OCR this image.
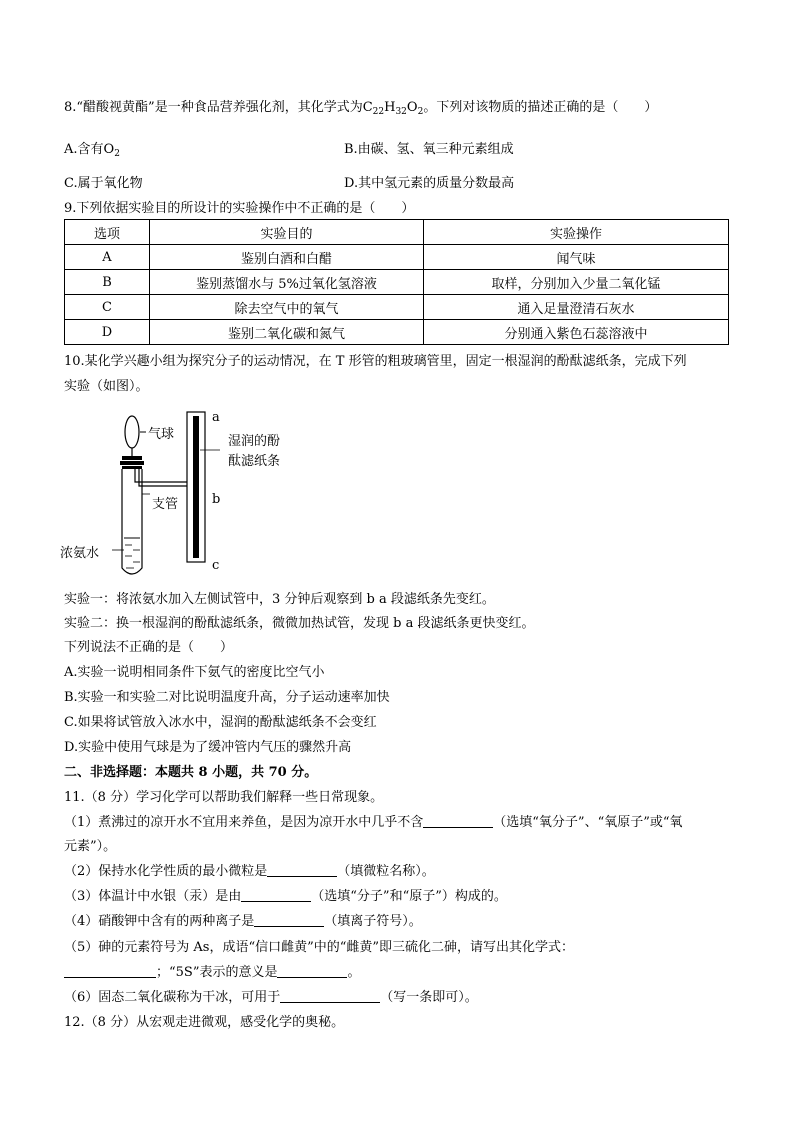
8.“醋酸视黄酯”是一种食品营养强化剂，其化学式为$C_{22}H_{32}O_2$。下列对该物质的描述正确的是（　　）
A.含有$O_2$	B.由碳、氢、氧三种元素组成
C.属于氧化物	D.其中氢元素的质量分数最高
9.下列依据实验目的所设计的实验操作中不正确的是（　　）
选项	实验目的	实验操作
A	鉴别白酒和白醋	闻气味
B	鉴别蒸馏水与 5%过氧化氢溶液	取样，分别加入少量二氧化锰
C	除去空气中的氧气	通入足量澄清石灰水
D	鉴别二氧化碳和氮气	分别通入紫色石蕊溶液中
10.某化学兴趣小组为探究分子的运动情况，在 T 形管的粗玻璃管里，固定一根湿润的酚酞滤纸条，完成下列
实验（如图）。
气球
支管
浓氨水
湿润的酚
酞滤纸条
a
b
c
实验一：将浓氨水加入左侧试管中，3 分钟后观察到 b a 段滤纸条先变红。
实验二：换一根湿润的酚酞滤纸条，微微加热试管，发现 b a 段滤纸条更快变红。
下列说法不正确的是（　　）
A.实验一说明相同条件下氨气的密度比空气小
B.实验一和实验二对比说明温度升高，分子运动速率加快
C.如果将试管放入冰水中，湿润的酚酞滤纸条不会变红
D.实验中使用气球是为了缓冲管内气压的骤然升高
二、非选择题：本题共 8 小题，共 70 分。
11.（8 分）学习化学可以帮助我们解释一些日常现象。
（1）煮沸过的凉开水不宜用来养鱼，是因为凉开水中几乎不含	（选填“氧分子”、“氧原子”或“氧
元素”）。
（2）保持水化学性质的最小微粒是	（填微粒名称）。
（3）体温计中水银（汞）是由	（选填“分子”和“原子”）构成的。
（4）硝酸钾中含有的两种离子是	（填离子符号）。
（5）砷的元素符号为 As，成语“信口雌黄”中的“雌黄”即三硫化二砷，请写出其化学式：
；“5S”表示的意义是	。
（6）固态二氧化碳称为干冰，可用于	（写一条即可）。
12.（8 分）从宏观走进微观，感受化学的奥秘。
